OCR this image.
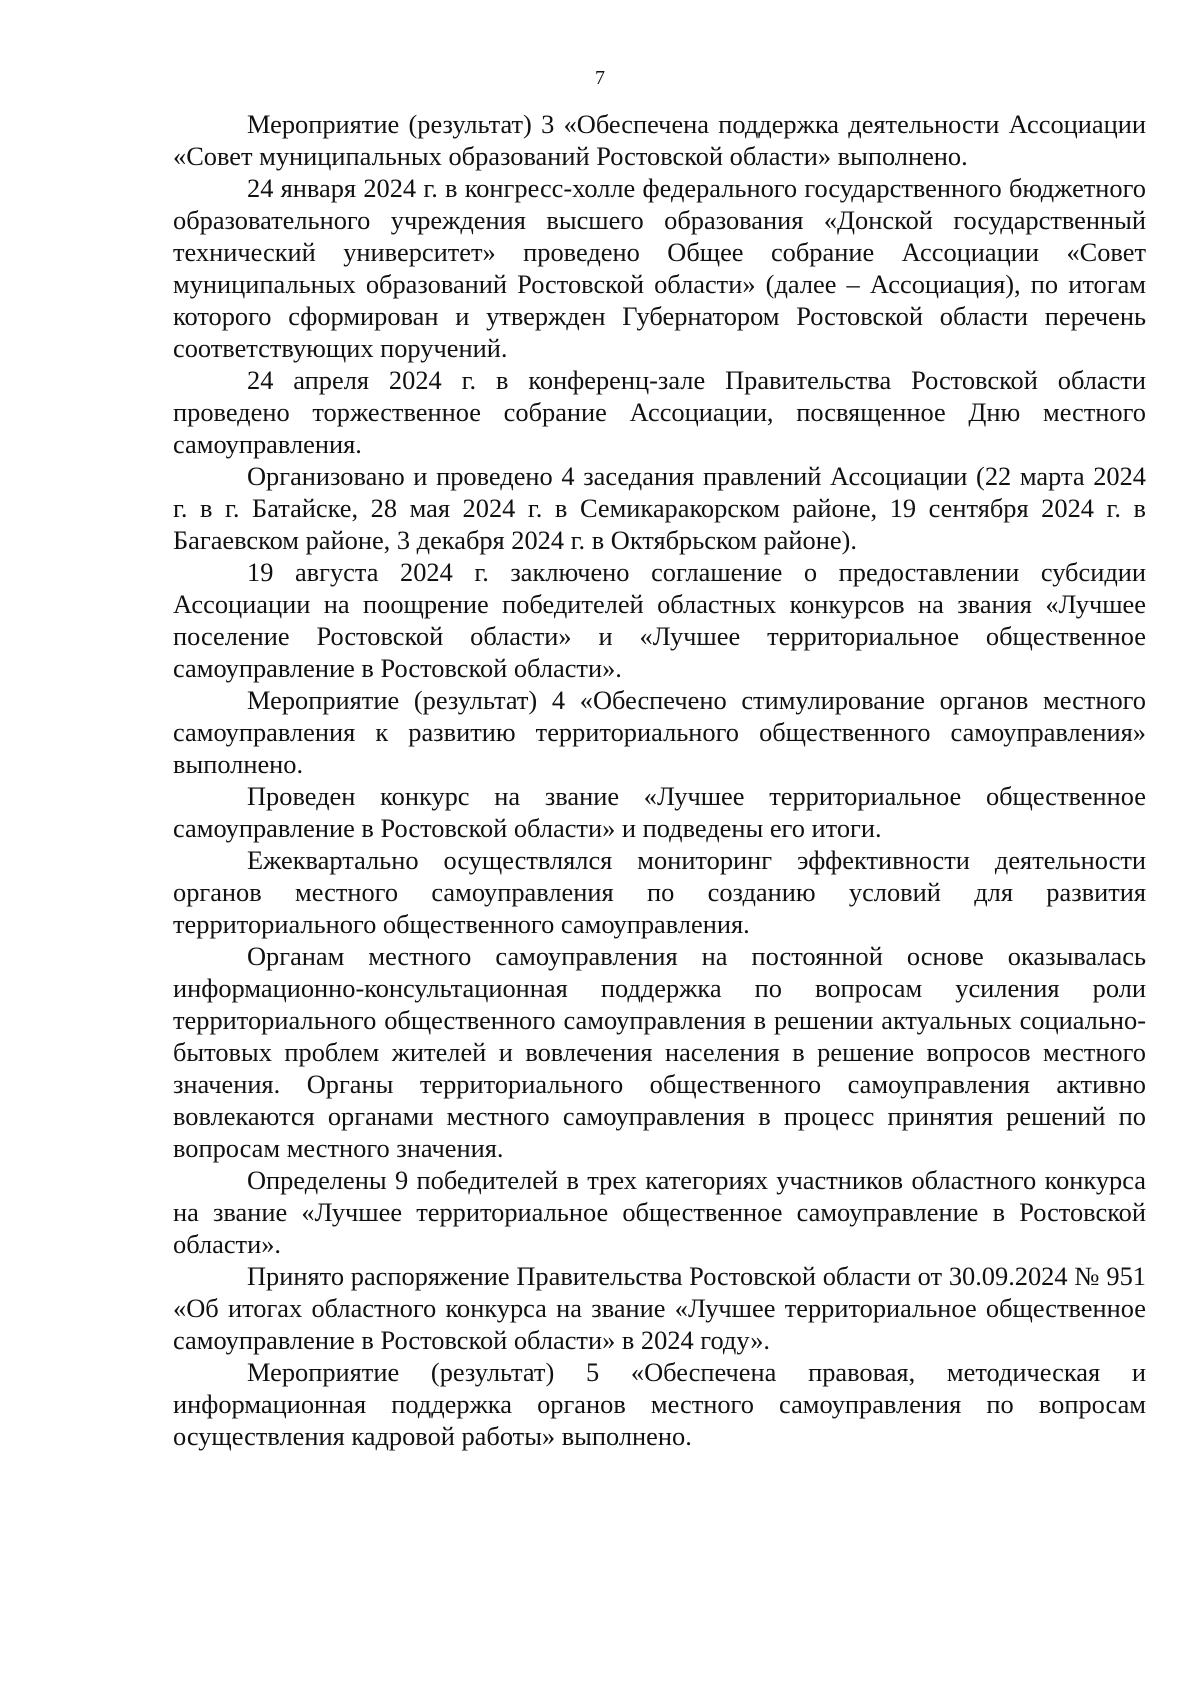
7

Мероприятие (результат) 3 «Обеспечена поддержка деятельности Ассоциации «Совет муниципальных образований Ростовской области» выполнено.

24 января 2024 г. в конгресс-холле федерального государственного бюджетного образовательного учреждения высшего образования «Донской государственный технический университет» проведено Общее собрание Ассоциации «Совет муниципальных образований Ростовской области» (далее – Ассоциация), по итогам которого сформирован и утвержден Губернатором Ростовской области перечень соответствующих поручений.

24 апреля 2024 г. в конференц-зале Правительства Ростовской области проведено торжественное собрание Ассоциации, посвященное Дню местного самоуправления.

Организовано и проведено 4 заседания правлений Ассоциации (22 марта 2024 г. в г. Батайске, 28 мая 2024 г. в Семикаракорском районе, 19 сентября 2024 г. в Багаевском районе, 3 декабря 2024 г. в Октябрьском районе).

19 августа 2024 г. заключено соглашение о предоставлении субсидии Ассоциации на поощрение победителей областных конкурсов на звания «Лучшее поселение Ростовской области» и «Лучшее территориальное общественное самоуправление в Ростовской области».

Мероприятие (результат) 4 «Обеспечено стимулирование органов местного самоуправления к развитию территориального общественного самоуправления» выполнено.

Проведен конкурс на звание «Лучшее территориальное общественное самоуправление в Ростовской области» и подведены его итоги.

Ежеквартально осуществлялся мониторинг эффективности деятельности органов местного самоуправления по созданию условий для развития территориального общественного самоуправления.

Органам местного самоуправления на постоянной основе оказывалась информационно-консультационная поддержка по вопросам усиления роли территориального общественного самоуправления в решении актуальных социально-бытовых проблем жителей и вовлечения населения в решение вопросов местного значения. Органы территориального общественного самоуправления активно вовлекаются органами местного самоуправления в процесс принятия решений по вопросам местного значения.

Определены 9 победителей в трех категориях участников областного конкурса на звание «Лучшее территориальное общественное самоуправление в Ростовской области».

Принято распоряжение Правительства Ростовской области от 30.09.2024 № 951 «Об итогах областного конкурса на звание «Лучшее территориальное общественное самоуправление в Ростовской области» в 2024 году».

Мероприятие (результат) 5 «Обеспечена правовая, методическая и информационная поддержка органов местного самоуправления по вопросам осуществления кадровой работы» выполнено.
